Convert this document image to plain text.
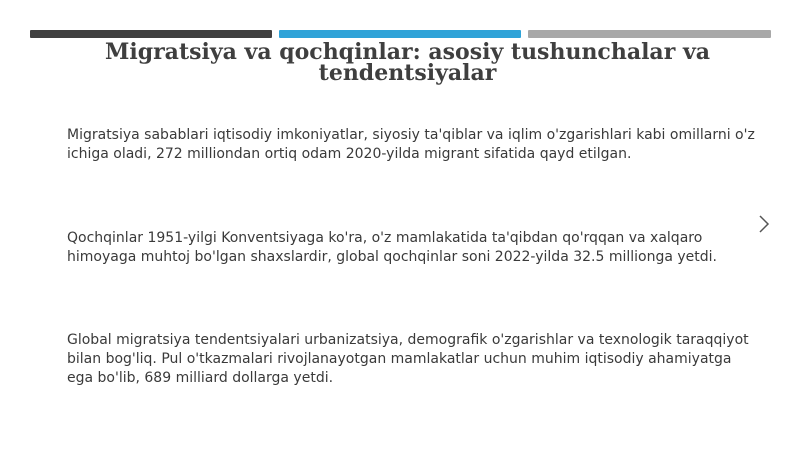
Migratsiya va qochqinlar: asosiy tushunchalar va tendentsiyalar

Migratsiya sabablari iqtisodiy imkoniyatlar, siyosiy ta'qiblar va iqlim o'zgarishlari kabi omillarni o'z ichiga oladi, 272 milliondan ortiq odam 2020-yilda migrant sifatida qayd etilgan.

Qochqinlar 1951-yilgi Konventsiyaga ko'ra, o'z mamlakatida ta'qibdan qo'rqqan va xalqaro himoyaga muhtoj bo'lgan shaxslardir, global qochqinlar soni 2022-yilda 32.5 millionga yetdi.

Global migratsiya tendentsiyalari urbanizatsiya, demografik o'zgarishlar va texnologik taraqqiyot bilan bog'liq. Pul o'tkazmalari rivojlanayotgan mamlakatlar uchun muhim iqtisodiy ahamiyatga ega bo'lib, 689 milliard dollarga yetdi.
